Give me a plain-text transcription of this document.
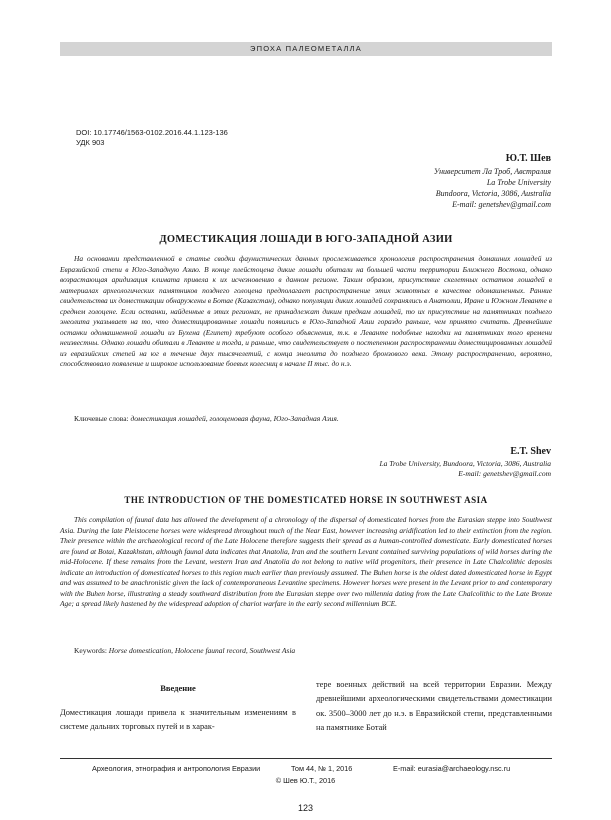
ЭПОХА ПАЛЕОМЕТАЛЛА
DOI: 10.17746/1563-0102.2016.44.1.123-136
УДК 903
Ю.Т. Шев
Университет Ла Троб, Австралия
La Trobe University
Bundoora, Victoria, 3086, Australia
E-mail: genetshev@gmail.com
ДОМЕСТИКАЦИЯ ЛОШАДИ В ЮГО-ЗАПАДНОЙ АЗИИ
На основании представленной в статье сводки фаунистических данных прослеживается хронология распространения домашних лошадей из Евразийской степи в Юго-Западную Азию. В конце плейстоцена дикие лошади обитали на большей части территории Ближнего Востока, однако возрастающая аридизация климата привела к их исчезновению в данном регионе. Таким образом, присутствие скелетных остатков лошадей в материалах археологических памятников позднего голоцена предполагает распространение этих животных в качестве одомашненных. Ранние свидетельства их доместикации обнаружены в Ботае (Казахстан), однако популяции диких лошадей сохранялись в Анатолии, Иране и Южном Леванте в среднем голоцене. Если останки, найденные в этих регионах, не принадлежат диким предкам лошадей, то их присутствие на памятниках позднего энеолита указывает на то, что доместицированные лошади появились в Юго-Западной Азии гораздо раньше, чем принято считать. Древнейшие останки одомашненной лошади из Бухена (Египет) требуют особого объяснения, т.к. в Леванте подобные находки на памятниках того времени неизвестны. Однако лошади обитали в Леванте и тогда, и раньше, что свидетельствует о постепенном распространении доместицированных лошадей из евразийских степей на юг в течение двух тысячелетий, с конца энеолита до позднего бронзового века. Этому распространению, вероятно, способствовало появление и широкое использование боевых колесниц в начале II тыс. до н.э.
Ключевые слова: доместикация лошадей, голоценовая фауна, Юго-Западная Азия.
E.T. Shev
La Trobe University, Bundoora, Victoria, 3086, Australia
E-mail: genetshev@gmail.com
THE INTRODUCTION OF THE DOMESTICATED HORSE IN SOUTHWEST ASIA
This compilation of faunal data has allowed the development of a chronology of the dispersal of domesticated horses from the Eurasian steppe into Southwest Asia. During the late Pleistocene horses were widespread throughout much of the Near East, however increasing aridification led to their extinction from the region. Their presence within the archaeological record of the Late Holocene therefore suggests their spread as a human-controlled domesticate. Early domesticated horses are found at Botai, Kazakhstan, although faunal data indicates that Anatolia, Iran and the southern Levant contained surviving populations of wild horses during the mid-Holocene. If these remains from the Levant, western Iran and Anatolia do not belong to native wild progenitors, their presence in Late Chalcolithic deposits indicate an introduction of domesticated horses to this region much earlier than previously assumed. The Buhen horse is the oldest dated domesticated horse in Egypt and was assumed to be anachronistic given the lack of contemporaneous Levantine specimens. However horses were present in the Levant prior to and contemporary with the Buhen horse, illustrating a steady southward distribution from the Eurasian steppe over two millennia dating from the Late Chalcolithic to the Late Bronze Age; a spread likely hastened by the widespread adoption of chariot warfare in the early second millennium BCE.
Keywords: Horse domestication, Holocene faunal record, Southwest Asia
Введение
Доместикация лошади привела к значительным изменениям в системе дальних торговых путей и в харак-
тере военных действий на всей территории Евразии. Между древнейшими археологическими свидетельствами доместикации ок. 3500–3000 лет до н.э. в Евразийской степи, представленными на памятнике Ботай
Археология, этнография и антропология Евразии	Том 44, № 1, 2016	E-mail: eurasia@archaeology.nsc.ru
© Шев Ю.Т., 2016
123
